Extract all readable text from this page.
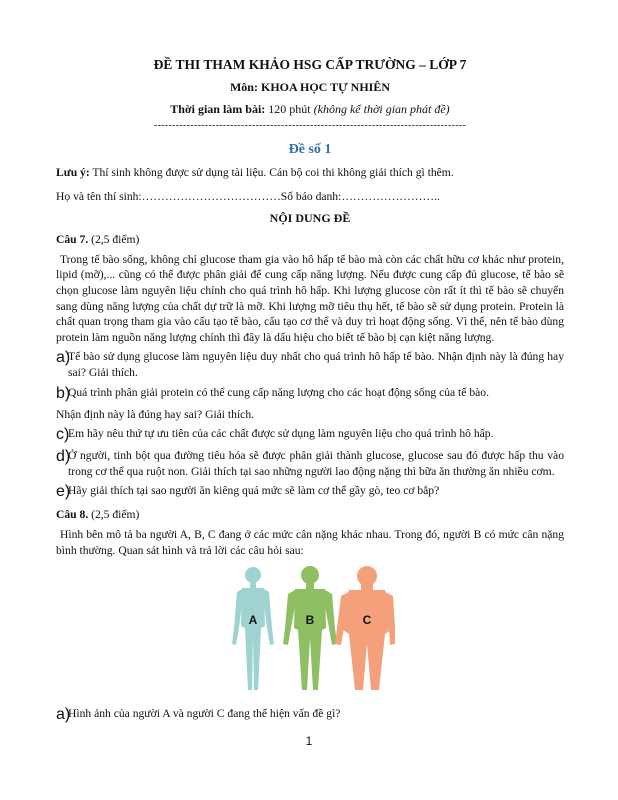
ĐỀ THI THAM KHẢO HSG CẤP TRƯỜNG – LỚP 7

Môn: KHOA HỌC TỰ NHIÊN

Thời gian làm bài: 120 phút (không kể thời gian phát đề)

--------------------------------------------------------------------------------------

Đề số 1

Lưu ý: Thí sinh không được sử dụng tài liệu. Cán bộ coi thi không giải thích gì thêm.

Họ và tên thí sinh:………………………………Số báo danh:……………………..

NỘI DUNG ĐỀ

Câu 7. (2,5 điểm)

Trong tế bào sống, không chỉ glucose tham gia vào hô hấp tế bào mà còn các chất hữu cơ khác như protein, lipid (mỡ),... cũng có thể được phân giải để cung cấp năng lượng. Nếu được cung cấp đủ glucose, tế bào sẽ chọn glucose làm nguyên liệu chính cho quá trình hô hấp. Khi lượng glucose còn rất ít thì tế bào sẽ chuyển sang dùng năng lượng của chất dự trữ là mỡ. Khi lượng mỡ tiêu thụ hết, tế bào sẽ sử dụng protein. Protein là chất quan trọng tham gia vào cấu tạo tế bào, cấu tạo cơ thể và duy trì hoạt động sống. Vì thế, nên tế bào dùng protein làm nguồn năng lượng chính thì đây là dấu hiệu cho biết tế bào bị cạn kiệt năng lượng.

a)

Tế bào sử dụng glucose làm nguyên liệu duy nhất cho quá trình hô hấp tế bào. Nhận định này là đúng hay sai? Giải thích.

b)

Quá trình phân giải protein có thể cung cấp năng lượng cho các hoạt động sống của tế bào.

Nhận định này là đúng hay sai? Giải thích.

c)

Em hãy nêu thứ tự ưu tiên của các chất được sử dụng làm nguyên liệu cho quá trình hô hấp.

d)

Ở người, tinh bột qua đường tiêu hóa sẽ được phân giải thành glucose, glucose sau đó được hấp thu vào trong cơ thể qua ruột non. Giải thích tại sao những người lao động nặng thì bữa ăn thường ăn nhiều cơm.

e)

Hãy giải thích tại sao người ăn kiêng quá mức sẽ làm cơ thể gầy gò, teo cơ bắp?

Câu 8. (2,5 điểm)

Hình bên mô tả ba người A, B, C đang ở các mức cân nặng khác nhau. Trong đó, người B có mức cân nặng bình thường. Quan sát hình và trả lời các câu hỏi sau:

A	B	C
a)

Hình ảnh của người A và người C đang thể hiện vấn đề gì?

1
